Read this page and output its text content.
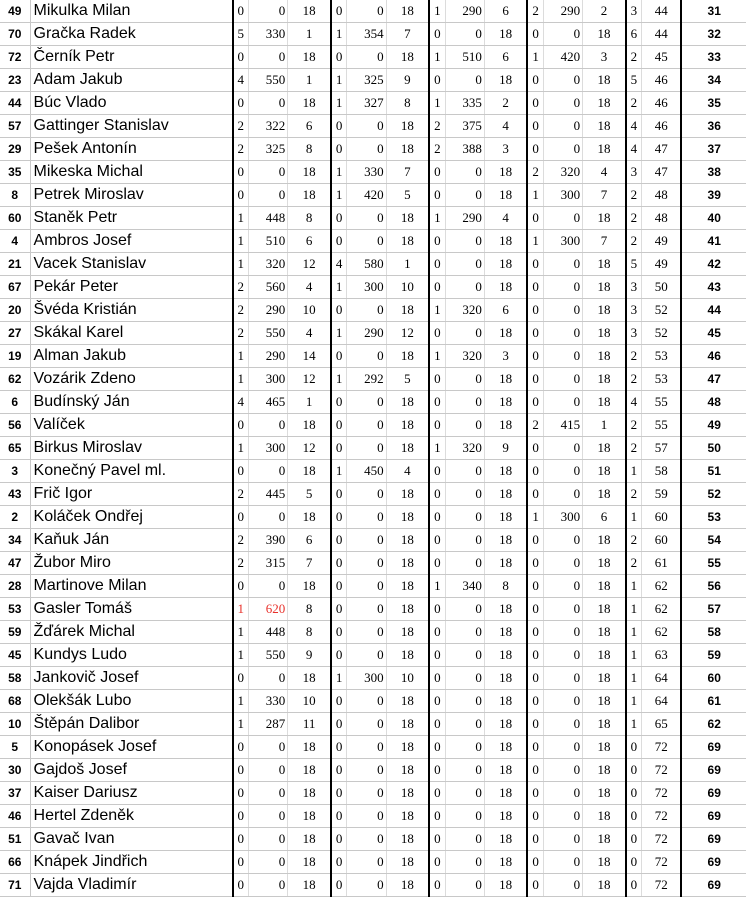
49	Mikulka Milan	0	0	18	0	0	18	1	290	6	2	290	2	3	44	31
70	Gračka Radek	5	330	1	1	354	7	0	0	18	0	0	18	6	44	32
72	Černík Petr	0	0	18	0	0	18	1	510	6	1	420	3	2	45	33
23	Adam Jakub	4	550	1	1	325	9	0	0	18	0	0	18	5	46	34
44	Búc Vlado	0	0	18	1	327	8	1	335	2	0	0	18	2	46	35
57	Gattinger Stanislav	2	322	6	0	0	18	2	375	4	0	0	18	4	46	36
29	Pešek Antonín	2	325	8	0	0	18	2	388	3	0	0	18	4	47	37
35	Mikeska Michal	0	0	18	1	330	7	0	0	18	2	320	4	3	47	38
8	Petrek Miroslav	0	0	18	1	420	5	0	0	18	1	300	7	2	48	39
60	Staněk Petr	1	448	8	0	0	18	1	290	4	0	0	18	2	48	40
4	Ambros Josef	1	510	6	0	0	18	0	0	18	1	300	7	2	49	41
21	Vacek Stanislav	1	320	12	4	580	1	0	0	18	0	0	18	5	49	42
67	Pekár Peter	2	560	4	1	300	10	0	0	18	0	0	18	3	50	43
20	Švéda Kristián	2	290	10	0	0	18	1	320	6	0	0	18	3	52	44
27	Skákal Karel	2	550	4	1	290	12	0	0	18	0	0	18	3	52	45
19	Alman Jakub	1	290	14	0	0	18	1	320	3	0	0	18	2	53	46
62	Vozárik Zdeno	1	300	12	1	292	5	0	0	18	0	0	18	2	53	47
6	Budínský Ján	4	465	1	0	0	18	0	0	18	0	0	18	4	55	48
56	Valíček	0	0	18	0	0	18	0	0	18	2	415	1	2	55	49
65	Birkus Miroslav	1	300	12	0	0	18	1	320	9	0	0	18	2	57	50
3	Konečný Pavel ml.	0	0	18	1	450	4	0	0	18	0	0	18	1	58	51
43	Frič Igor	2	445	5	0	0	18	0	0	18	0	0	18	2	59	52
2	Koláček Ondřej	0	0	18	0	0	18	0	0	18	1	300	6	1	60	53
34	Kaňuk Ján	2	390	6	0	0	18	0	0	18	0	0	18	2	60	54
47	Žubor Miro	2	315	7	0	0	18	0	0	18	0	0	18	2	61	55
28	Martinove Milan	0	0	18	0	0	18	1	340	8	0	0	18	1	62	56
53	Gasler Tomáš	1	620	8	0	0	18	0	0	18	0	0	18	1	62	57
59	Žďárek Michal	1	448	8	0	0	18	0	0	18	0	0	18	1	62	58
45	Kundys Ludo	1	550	9	0	0	18	0	0	18	0	0	18	1	63	59
58	Jankovič Josef	0	0	18	1	300	10	0	0	18	0	0	18	1	64	60
68	Olekšák Lubo	1	330	10	0	0	18	0	0	18	0	0	18	1	64	61
10	Štěpán Dalibor	1	287	11	0	0	18	0	0	18	0	0	18	1	65	62
5	Konopásek Josef	0	0	18	0	0	18	0	0	18	0	0	18	0	72	69
30	Gajdoš Josef	0	0	18	0	0	18	0	0	18	0	0	18	0	72	69
37	Kaiser Dariusz	0	0	18	0	0	18	0	0	18	0	0	18	0	72	69
46	Hertel Zdeněk	0	0	18	0	0	18	0	0	18	0	0	18	0	72	69
51	Gavač Ivan	0	0	18	0	0	18	0	0	18	0	0	18	0	72	69
66	Knápek Jindřich	0	0	18	0	0	18	0	0	18	0	0	18	0	72	69
71	Vajda Vladimír	0	0	18	0	0	18	0	0	18	0	0	18	0	72	69
